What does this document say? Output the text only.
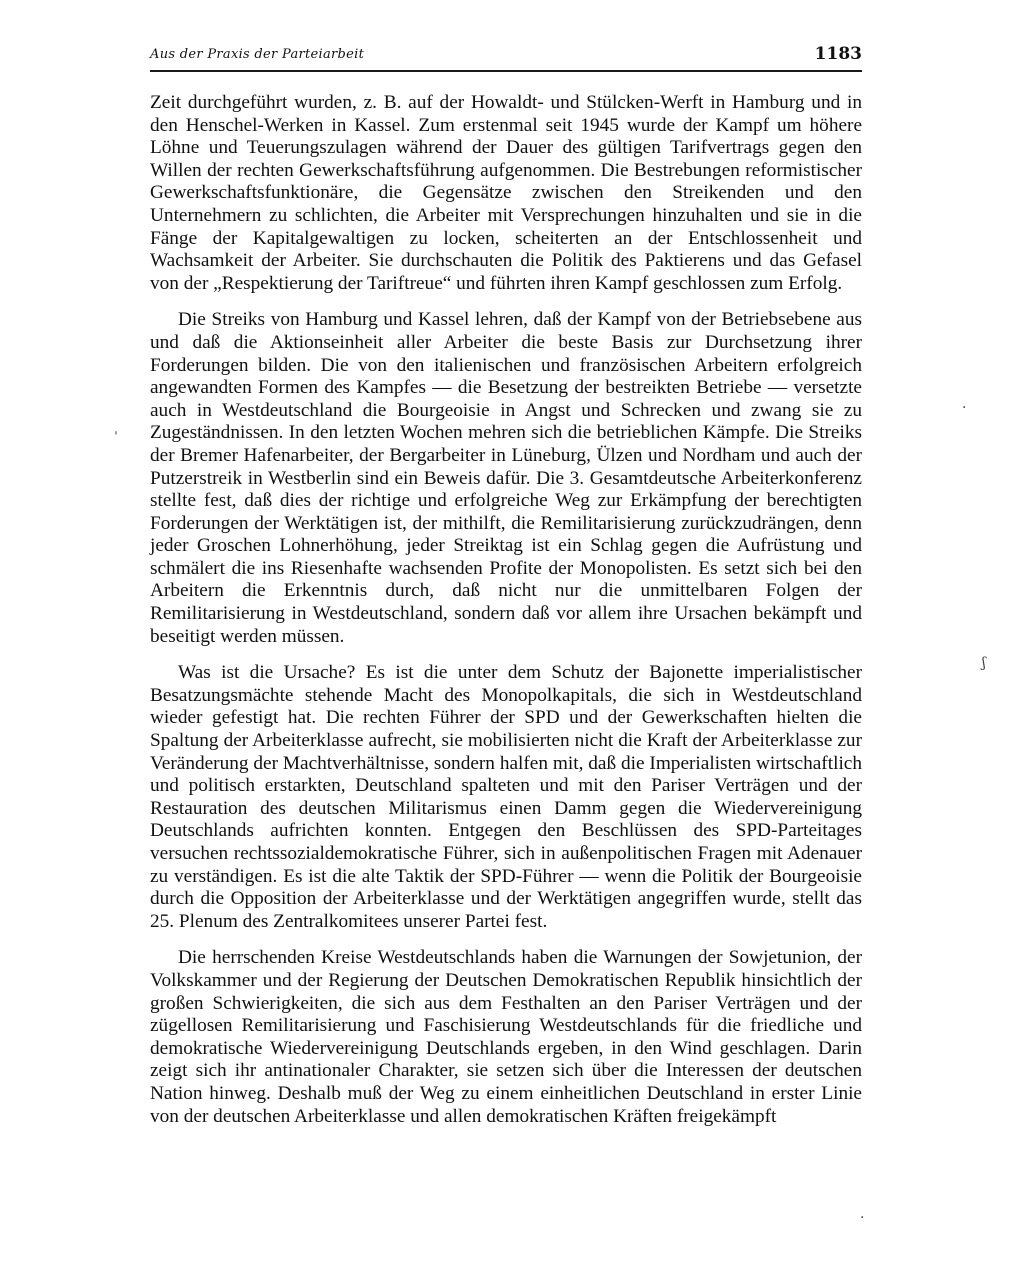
Aus der Praxis der Parteiarbeit	1183

Zeit durchgeführt wurden, z. B. auf der Howaldt- und Stülcken-Werft in Hamburg und in den Henschel-Werken in Kassel. Zum erstenmal seit 1945 wurde der Kampf um höhere Löhne und Teuerungszulagen während der Dauer des gültigen Tarifvertrags gegen den Willen der rechten Gewerkschaftsführung aufgenommen. Die Bestrebungen reformistischer Gewerkschaftsfunktionäre, die Gegensätze zwischen den Streikenden und den Unternehmern zu schlichten, die Arbeiter mit Versprechungen hinzuhalten und sie in die Fänge der Kapitalgewaltigen zu locken, scheiterten an der Entschlossenheit und Wachsamkeit der Arbeiter. Sie durchschauten die Politik des Paktierens und das Gefasel von der „Respektierung der Tariftreue“ und führten ihren Kampf geschlossen zum Erfolg.

Die Streiks von Hamburg und Kassel lehren, daß der Kampf von der Betriebsebene aus und daß die Aktionseinheit aller Arbeiter die beste Basis zur Durchsetzung ihrer Forderungen bilden. Die von den italienischen und französischen Arbeitern erfolgreich angewandten Formen des Kampfes — die Besetzung der bestreikten Betriebe — versetzte auch in Westdeutschland die Bourgeoisie in Angst und Schrecken und zwang sie zu Zugeständnissen. In den letzten Wochen mehren sich die betrieblichen Kämpfe. Die Streiks der Bremer Hafenarbeiter, der Bergarbeiter in Lüneburg, Ülzen und Nordham und auch der Putzerstreik in Westberlin sind ein Beweis dafür. Die 3. Gesamtdeutsche Arbeiterkonferenz stellte fest, daß dies der richtige und erfolgreiche Weg zur Erkämpfung der berechtigten Forderungen der Werktätigen ist, der mithilft, die Remilitarisierung zurückzudrängen, denn jeder Groschen Lohnerhöhung, jeder Streiktag ist ein Schlag gegen die Aufrüstung und schmälert die ins Riesenhafte wachsenden Profite der Monopolisten. Es setzt sich bei den Arbeitern die Erkenntnis durch, daß nicht nur die unmittelbaren Folgen der Remilitarisierung in Westdeutschland, sondern daß vor allem ihre Ursachen bekämpft und beseitigt werden müssen.

Was ist die Ursache? Es ist die unter dem Schutz der Bajonette imperialistischer Besatzungsmächte stehende Macht des Monopolkapitals, die sich in Westdeutschland wieder gefestigt hat. Die rechten Führer der SPD und der Gewerkschaften hielten die Spaltung der Arbeiterklasse aufrecht, sie mobilisierten nicht die Kraft der Arbeiterklasse zur Veränderung der Machtverhältnisse, sondern halfen mit, daß die Imperialisten wirtschaftlich und politisch erstarkten, Deutschland spalteten und mit den Pariser Verträgen und der Restauration des deutschen Militarismus einen Damm gegen die Wiedervereinigung Deutschlands aufrichten konnten. Entgegen den Beschlüssen des SPD-Parteitages versuchen rechtssozialdemokratische Führer, sich in außenpolitischen Fragen mit Adenauer zu verständigen. Es ist die alte Taktik der SPD-Führer — wenn die Politik der Bourgeoisie durch die Opposition der Arbeiterklasse und der Werktätigen angegriffen wurde, stellt das 25. Plenum des Zentralkomitees unserer Partei fest.

Die herrschenden Kreise Westdeutschlands haben die Warnungen der Sowjetunion, der Volkskammer und der Regierung der Deutschen Demokratischen Republik hinsichtlich der großen Schwierigkeiten, die sich aus dem Festhalten an den Pariser Verträgen und der zügellosen Remilitarisierung und Faschisierung Westdeutschlands für die friedliche und demokratische Wiedervereinigung Deutschlands ergeben, in den Wind geschlagen. Darin zeigt sich ihr antinationaler Charakter, sie setzen sich über die Interessen der deutschen Nation hinweg. Deshalb muß der Weg zu einem einheitlichen Deutschland in erster Linie von der deutschen Arbeiterklasse und allen demokratischen Kräften freigekämpft

ˈ
ʃ
·
·
